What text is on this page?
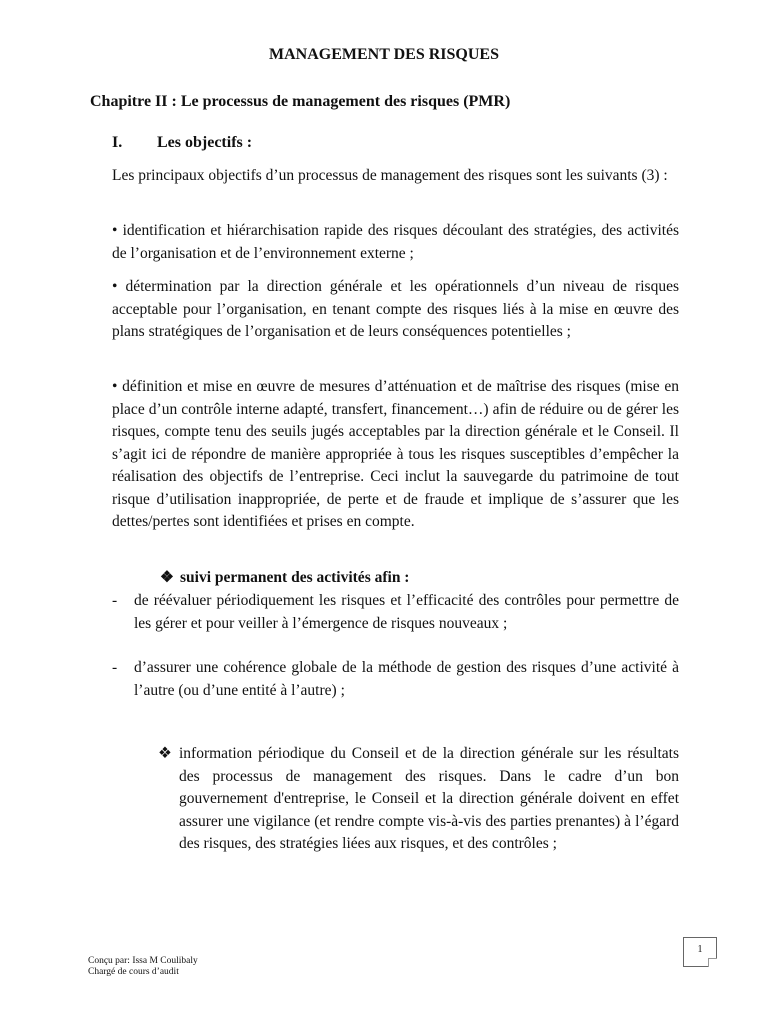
MANAGEMENT DES RISQUES
Chapitre II : Le processus de management des risques (PMR)
I. Les objectifs :

Les principaux objectifs d’un processus de management des risques sont les suivants (3) :

• identification et hiérarchisation rapide des risques découlant des stratégies, des activités de l’organisation et de l’environnement externe ;

• détermination par la direction générale et les opérationnels d’un niveau de risques acceptable pour l’organisation, en tenant compte des risques liés à la mise en œuvre des plans stratégiques de l’organisation et de leurs conséquences potentielles ;

• définition et mise en œuvre de mesures d’atténuation et de maîtrise des risques (mise en place d’un contrôle interne adapté, transfert, financement…) afin de réduire ou de gérer les risques, compte tenu des seuils jugés acceptables par la direction générale et le Conseil. Il s’agit ici de répondre de manière appropriée à tous les risques susceptibles d’empêcher la réalisation des objectifs de l’entreprise. Ceci inclut la sauvegarde du patrimoine de tout risque d’utilisation inappropriée, de perte et de fraude et implique de s’assurer que les dettes/pertes sont identifiées et prises en compte.

❖ suivi permanent des activités afin :
- de réévaluer périodiquement les risques et l’efficacité des contrôles pour permettre de les gérer et pour veiller à l’émergence de risques nouveaux ;
- d’assurer une cohérence globale de la méthode de gestion des risques d’une activité à l’autre (ou d’une entité à l’autre) ;
❖ information périodique du Conseil et de la direction générale sur les résultats des processus de management des risques. Dans le cadre d’un bon gouvernement d'entreprise, le Conseil et la direction générale doivent en effet assurer une vigilance (et rendre compte vis-à-vis des parties prenantes) à l’égard des risques, des stratégies liées aux risques, et des contrôles ;
Conçu par: Issa M Coulibaly
Chargé de cours d’audit
1
